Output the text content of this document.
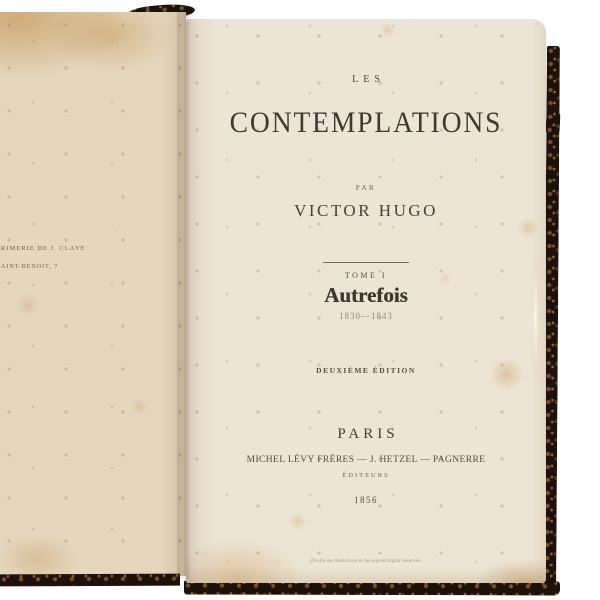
RIMERIE DE J. CLAYE
AINT-BENOIT, 7
LES
CONTEMPLATIONS
PAR
VICTOR HUGO
TOME I
Autrefois
1830—1843
DEUXIÈME ÉDITION
PARIS
MICHEL LÉVY FRÈRES — J. HETZEL — PAGNERRE
ÉDITEURS
1856
Droits de traduction et de reproduction réservés
